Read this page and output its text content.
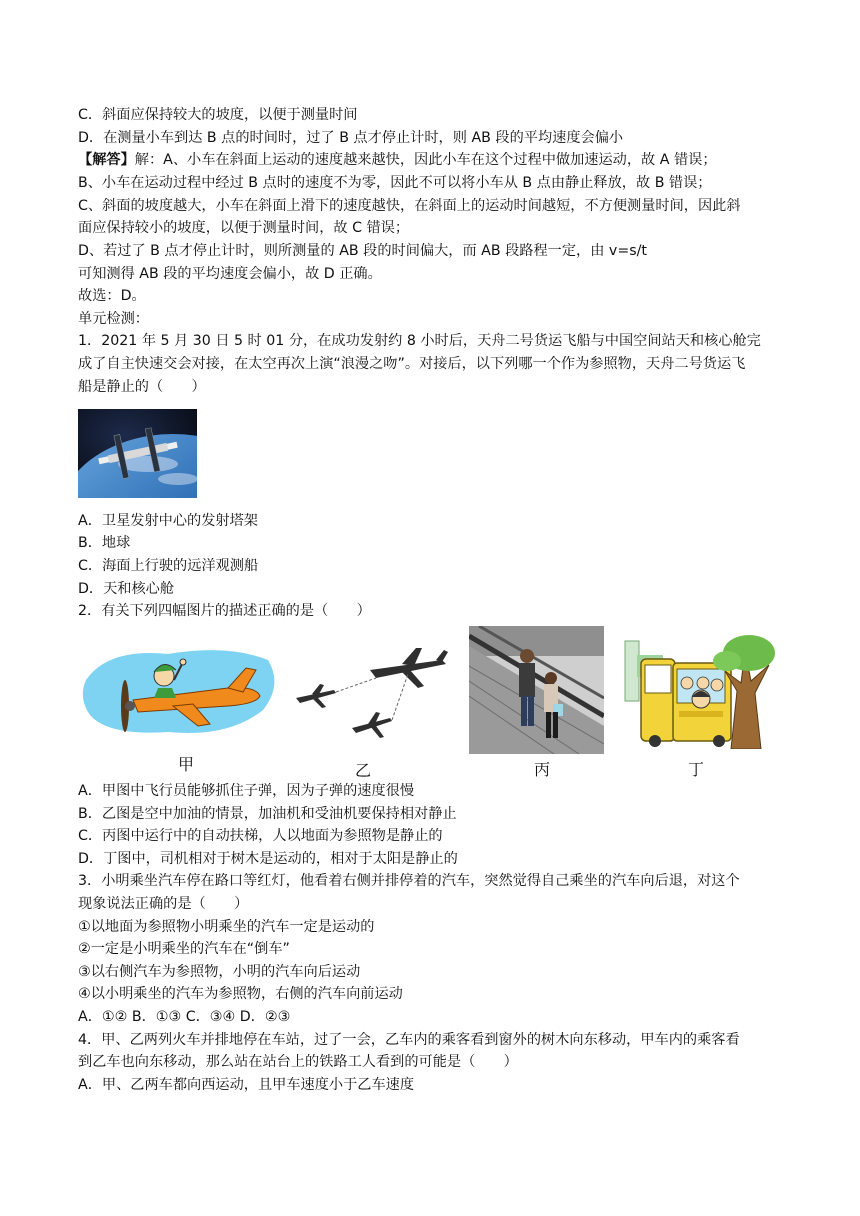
C．斜面应保持较大的坡度，以便于测量时间
D．在测量小车到达 B 点的时间时，过了 B 点才停止计时，则 AB 段的平均速度会偏小
【解答】解：A、小车在斜面上运动的速度越来越快，因此小车在这个过程中做加速运动，故 A 错误；
B、小车在运动过程中经过 B 点时的速度不为零，因此不可以将小车从 B 点由静止释放，故 B 错误；
C、斜面的坡度越大，小车在斜面上滑下的速度越快，在斜面上的运动时间越短，不方便测量时间，因此斜
面应保持较小的坡度，以便于测量时间，故 C 错误；
D、若过了 B 点才停止计时，则所测量的 AB 段的时间偏大，而 AB 段路程一定，由 v=s/t
可知测得 AB 段的平均速度会偏小，故 D 正确。
故选：D。
单元检测：
1．2021 年 5 月 30 日 5 时 01 分，在成功发射约 8 小时后，天舟二号货运飞船与中国空间站天和核心舱完
成了自主快速交会对接，在太空再次上演“浪漫之吻”。对接后，以下列哪一个作为参照物，天舟二号货运飞
船是静止的（　　）
A．卫星发射中心的发射塔架
B．地球
C．海面上行驶的远洋观测船
D．天和核心舱
2．有关下列四幅图片的描述正确的是（　　）
甲	乙	丙	丁
A．甲图中飞行员能够抓住子弹，因为子弹的速度很慢
B．乙图是空中加油的情景，加油机和受油机要保持相对静止
C．丙图中运行中的自动扶梯，人以地面为参照物是静止的
D．丁图中，司机相对于树木是运动的，相对于太阳是静止的
3．小明乘坐汽车停在路口等红灯，他看着右侧并排停着的汽车，突然觉得自己乘坐的汽车向后退，对这个
现象说法正确的是（　　）
①以地面为参照物小明乘坐的汽车一定是运动的
②一定是小明乘坐的汽车在“倒车”
③以右侧汽车为参照物，小明的汽车向后运动
④以小明乘坐的汽车为参照物，右侧的汽车向前运动
A．①② B．①③ C．③④ D．②③
4．甲、乙两列火车并排地停在车站，过了一会，乙车内的乘客看到窗外的树木向东移动，甲车内的乘客看
到乙车也向东移动，那么站在站台上的铁路工人看到的可能是（　　）
A．甲、乙两车都向西运动，且甲车速度小于乙车速度
